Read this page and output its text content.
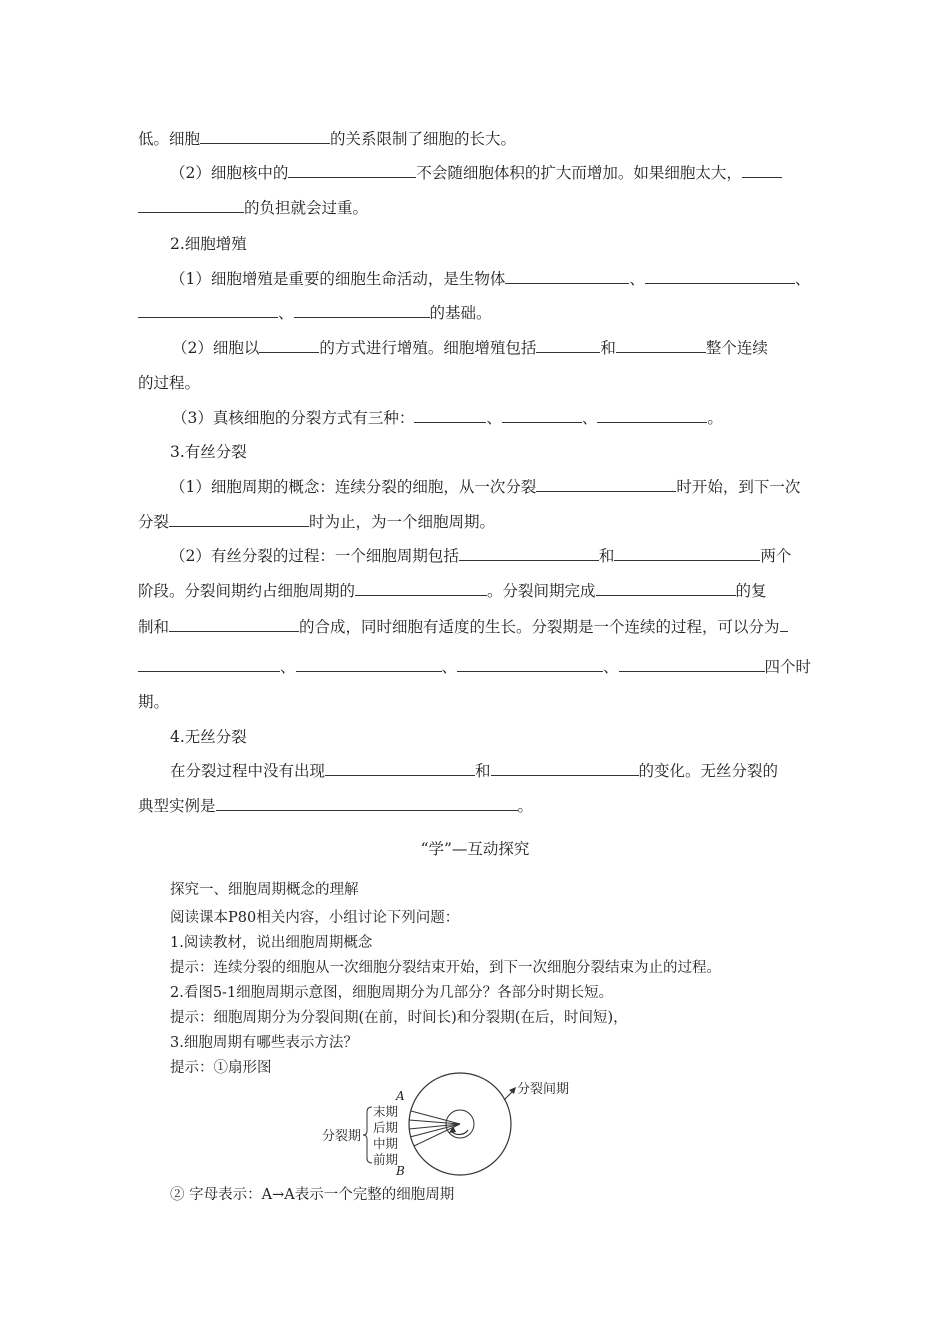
低。细胞	的关系限制了细胞的长大。
（2）细胞核中的	不会随细胞体积的扩大而增加。如果细胞太大，
的负担就会过重。
2.细胞增殖
（1）细胞增殖是重要的细胞生命活动，是生物体	、	、
、	的基础。
（2）细胞以	的方式进行增殖。细胞增殖包括	和	整个连续
的过程。
（3）真核细胞的分裂方式有三种：	、	、	。
3.有丝分裂
（1）细胞周期的概念：连续分裂的细胞，从一次分裂	时开始，到下一次
分裂	时为止，为一个细胞周期。
（2）有丝分裂的过程：一个细胞周期包括	和	两个
阶段。分裂间期约占细胞周期的	。分裂间期完成	的复
制和	的合成，同时细胞有适度的生长。分裂期是一个连续的过程，可以分为
、	、	、	四个时
期。
4.无丝分裂
在分裂过程中没有出现	和	的变化。无丝分裂的
典型实例是	。
“学”—互动探究
探究一、细胞周期概念的理解
阅读课本P80相关内容，小组讨论下列问题：
1.阅读教材，说出细胞周期概念
提示：连续分裂的细胞从一次细胞分裂结束开始，到下一次细胞分裂结束为止的过程。
2.看图5-1细胞周期示意图，细胞周期分为几部分？各部分时期长短。
提示：细胞周期分为分裂间期(在前，时间长)和分裂期(在后，时间短)，
3.细胞周期有哪些表示方法？
提示：①扇形图
分裂间期
A
B
末期
后期
中期
前期
分裂期
② 字母表示：A→A表示一个完整的细胞周期
